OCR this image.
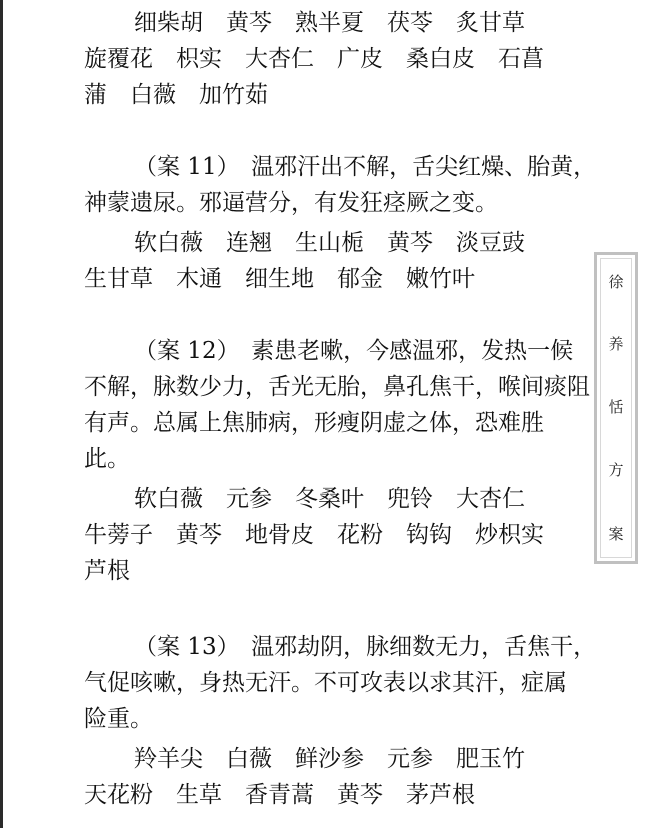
细柴胡　黄芩　熟半夏　茯苓　炙甘草
旋覆花　枳实　大杏仁　广皮　桑白皮　石菖
蒲　白薇　加竹茹
（案 11）　温邪汗出不解，舌尖红燥、胎黄，
神蒙遗尿。邪逼营分，有发狂痉厥之变。
软白薇　连翘　生山栀　黄芩　淡豆豉
生甘草　木通　细生地　郁金　嫩竹叶
（案 12）　素患老嗽，今感温邪，发热一候
不解，脉数少力，舌光无胎，鼻孔焦干，喉间痰阻
有声。总属上焦肺病，形瘦阴虚之体，恐难胜
此。
软白薇　元参　冬桑叶　兜铃　大杏仁
牛蒡子　黄芩　地骨皮　花粉　钩钩　炒枳实
芦根
（案 13）　温邪劫阴，脉细数无力，舌焦干，
气促咳嗽，身热无汗。不可攻表以求其汗，症属
险重。
羚羊尖　白薇　鲜沙参　元参　肥玉竹
天花粉　生草　香青蒿　黄芩　茅芦根
徐
养
恬
方
案
